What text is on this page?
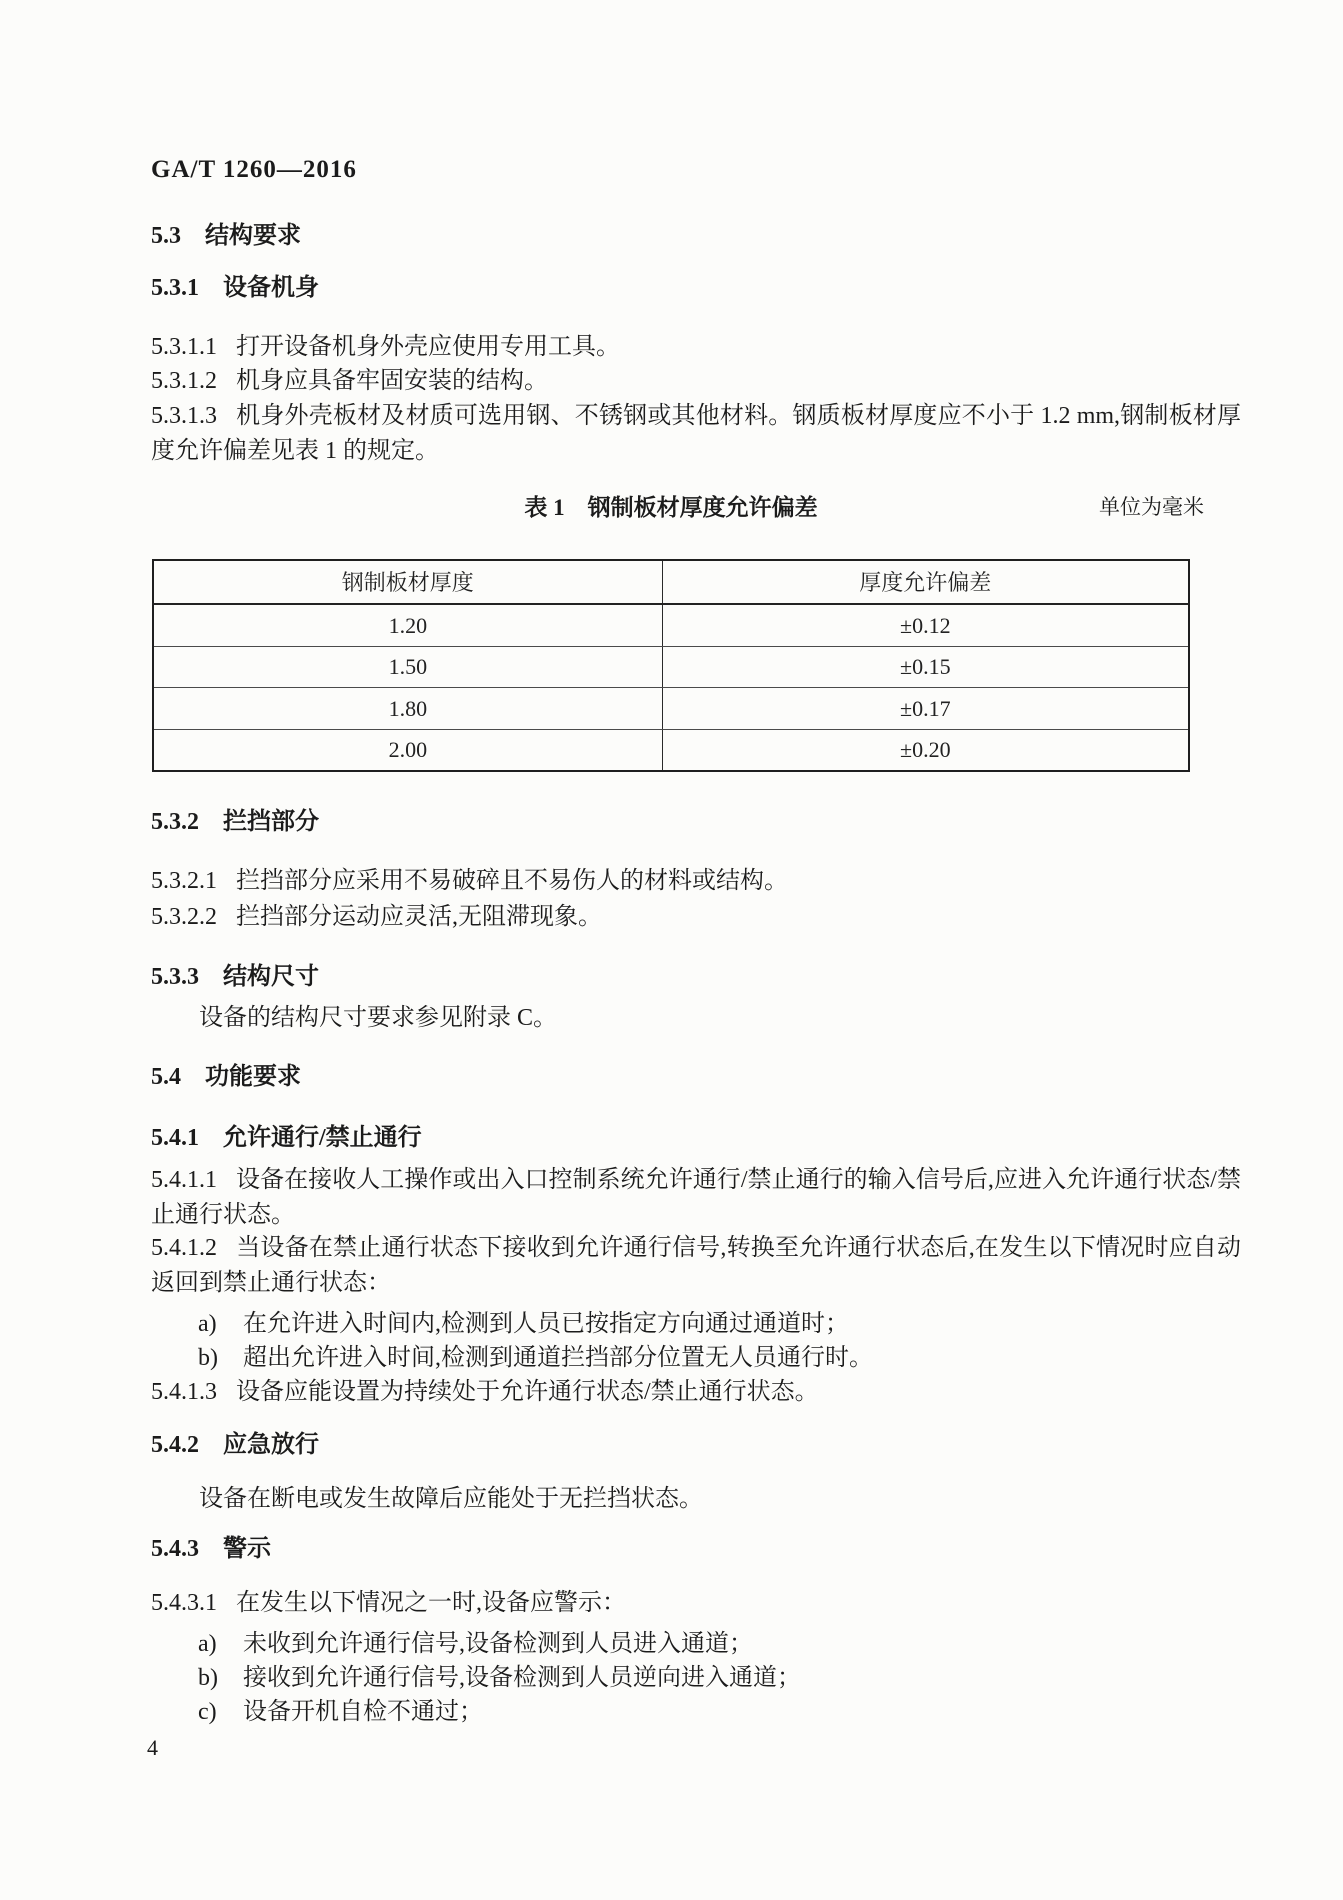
GA/T 1260—2016
5.3 结构要求
5.3.1 设备机身
5.3.1.1 打开设备机身外壳应使用专用工具。
5.3.1.2 机身应具备牢固安装的结构。
5.3.1.3 机身外壳板材及材质可选用钢、不锈钢或其他材料。钢质板材厚度应不小于 1.2 mm,钢制板材厚度允许偏差见表 1 的规定。
表 1　钢制板材厚度允许偏差	单位为毫米
钢制板材厚度	厚度允许偏差
1.20	±0.12
1.50	±0.15
1.80	±0.17
2.00	±0.20
5.3.2 拦挡部分
5.3.2.1 拦挡部分应采用不易破碎且不易伤人的材料或结构。
5.3.2.2 拦挡部分运动应灵活,无阻滞现象。
5.3.3 结构尺寸
设备的结构尺寸要求参见附录 C。
5.4 功能要求
5.4.1 允许通行/禁止通行
5.4.1.1 设备在接收人工操作或出入口控制系统允许通行/禁止通行的输入信号后,应进入允许通行状态/禁止通行状态。
5.4.1.2 当设备在禁止通行状态下接收到允许通行信号,转换至允许通行状态后,在发生以下情况时应自动返回到禁止通行状态：
a)	在允许进入时间内,检测到人员已按指定方向通过通道时；
b)	超出允许进入时间,检测到通道拦挡部分位置无人员通行时。
5.4.1.3 设备应能设置为持续处于允许通行状态/禁止通行状态。
5.4.2 应急放行
设备在断电或发生故障后应能处于无拦挡状态。
5.4.3 警示
5.4.3.1 在发生以下情况之一时,设备应警示：
a)	未收到允许通行信号,设备检测到人员进入通道；
b)	接收到允许通行信号,设备检测到人员逆向进入通道；
c)	设备开机自检不通过；
4
